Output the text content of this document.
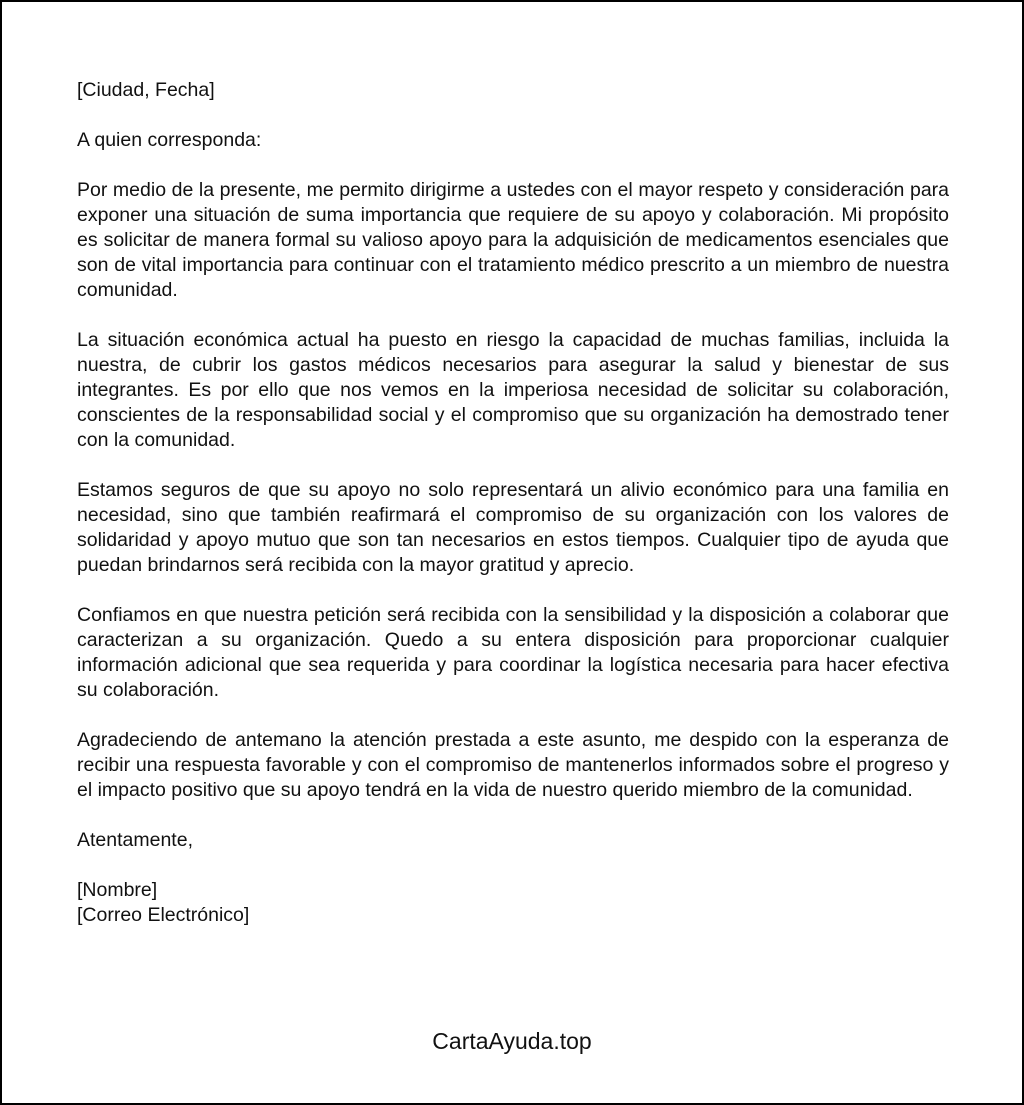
[Ciudad, Fecha]

A quien corresponda:

Por medio de la presente, me permito dirigirme a ustedes con el mayor respeto y consideración para exponer una situación de suma importancia que requiere de su apoyo y colaboración. Mi propósito es solicitar de manera formal su valioso apoyo para la adquisición de medicamentos esenciales que son de vital importancia para continuar con el tratamiento médico prescrito a un miembro de nuestra comunidad.

La situación económica actual ha puesto en riesgo la capacidad de muchas familias, incluida la nuestra, de cubrir los gastos médicos necesarios para asegurar la salud y bienestar de sus integrantes. Es por ello que nos vemos en la imperiosa necesidad de solicitar su colaboración, conscientes de la responsabilidad social y el compromiso que su organización ha demostrado tener con la comunidad.

Estamos seguros de que su apoyo no solo representará un alivio económico para una familia en necesidad, sino que también reafirmará el compromiso de su organización con los valores de solidaridad y apoyo mutuo que son tan necesarios en estos tiempos. Cualquier tipo de ayuda que puedan brindarnos será recibida con la mayor gratitud y aprecio.

Confiamos en que nuestra petición será recibida con la sensibilidad y la disposición a colaborar que caracterizan a su organización. Quedo a su entera disposición para proporcionar cualquier información adicional que sea requerida y para coordinar la logística necesaria para hacer efectiva su colaboración.

Agradeciendo de antemano la atención prestada a este asunto, me despido con la esperanza de recibir una respuesta favorable y con el compromiso de mantenerlos informados sobre el progreso y el impacto positivo que su apoyo tendrá en la vida de nuestro querido miembro de la comunidad.

Atentamente,

[Nombre]

[Correo Electrónico]

CartaAyuda.top
